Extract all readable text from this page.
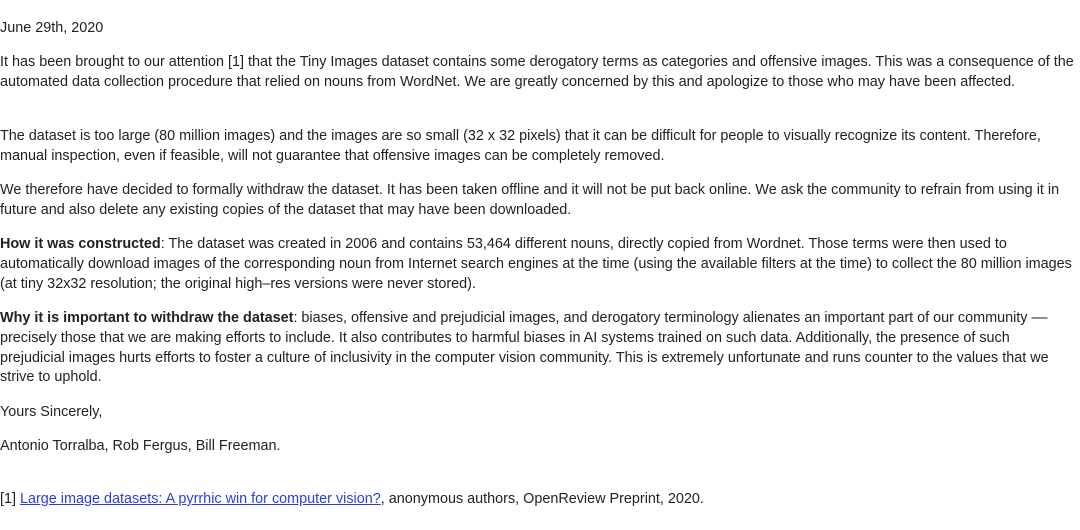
June 29th, 2020

It has been brought to our attention [1] that the Tiny Images dataset contains some derogatory terms as categories and offensive images. This was a consequence of the automated data collection procedure that relied on nouns from WordNet. We are greatly concerned by this and apologize to those who may have been affected.

The dataset is too large (80 million images) and the images are so small (32 x 32 pixels) that it can be difficult for people to visually recognize its content. Therefore, manual inspection, even if feasible, will not guarantee that offensive images can be completely removed.

We therefore have decided to formally withdraw the dataset. It has been taken offline and it will not be put back online. We ask the community to refrain from using it in future and also delete any existing copies of the dataset that may have been downloaded.

How it was constructed: The dataset was created in 2006 and contains 53,464 different nouns, directly copied from Wordnet. Those terms were then used to automatically download images of the corresponding noun from Internet search engines at the time (using the available filters at the time) to collect the 80 million images (at tiny 32x32 resolution; the original high–res versions were never stored).

Why it is important to withdraw the dataset: biases, offensive and prejudicial images, and derogatory terminology alienates an important part of our community –– precisely those that we are making efforts to include. It also contributes to harmful biases in AI systems trained on such data. Additionally, the presence of such prejudicial images hurts efforts to foster a culture of inclusivity in the computer vision community. This is extremely unfortunate and runs counter to the values that we strive to uphold.

Yours Sincerely,

Antonio Torralba, Rob Fergus, Bill Freeman.

[1] Large image datasets: A pyrrhic win for computer vision?, anonymous authors, OpenReview Preprint, 2020.
